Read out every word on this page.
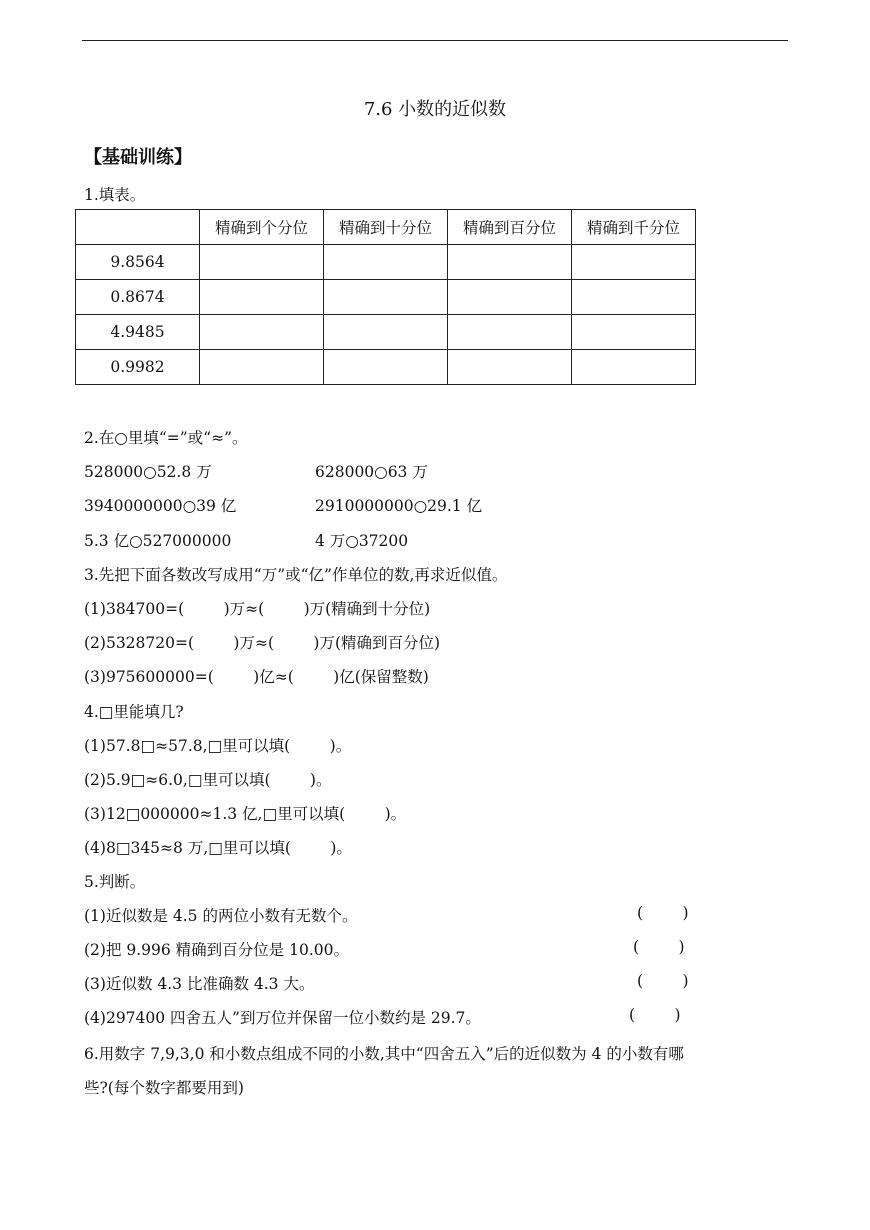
7.6 小数的近似数
【基础训练】
1.填表。
	精确到个分位	精确到十分位	精确到百分位	精确到千分位
9.8564				
0.8674				
4.9485				
0.9982				
2.在○里填“=”或“≈”。
528000○52.8 万	628000○63 万
3940000000○39 亿	2910000000○29.1 亿
5.3 亿○527000000	4 万○37200
3.先把下面各数改写成用“万”或“亿”作单位的数,再求近似值。
(1)384700=(        )万≈(        )万(精确到十分位)
(2)5328720=(        )万≈(        )万(精确到百分位)
(3)975600000=(        )亿≈(        )亿(保留整数)
4.□里能填几?
(1)57.8□≈57.8,□里可以填(        )。
(2)5.9□≈6.0,□里可以填(        )。
(3)12□000000≈1.3 亿,□里可以填(        )。
(4)8□345≈8 万,□里可以填(        )。
5.判断。
(1)近似数是 4.5 的两位小数有无数个。	(        )
(2)把 9.996 精确到百分位是 10.00。	(        )
(3)近似数 4.3 比准确数 4.3 大。	(        )
(4)297400 四舍五人”到万位并保留一位小数约是 29.7。	(        )
6.用数字 7,9,3,0 和小数点组成不同的小数,其中“四舍五入”后的近似数为 4 的小数有哪
些?(每个数字都要用到)
